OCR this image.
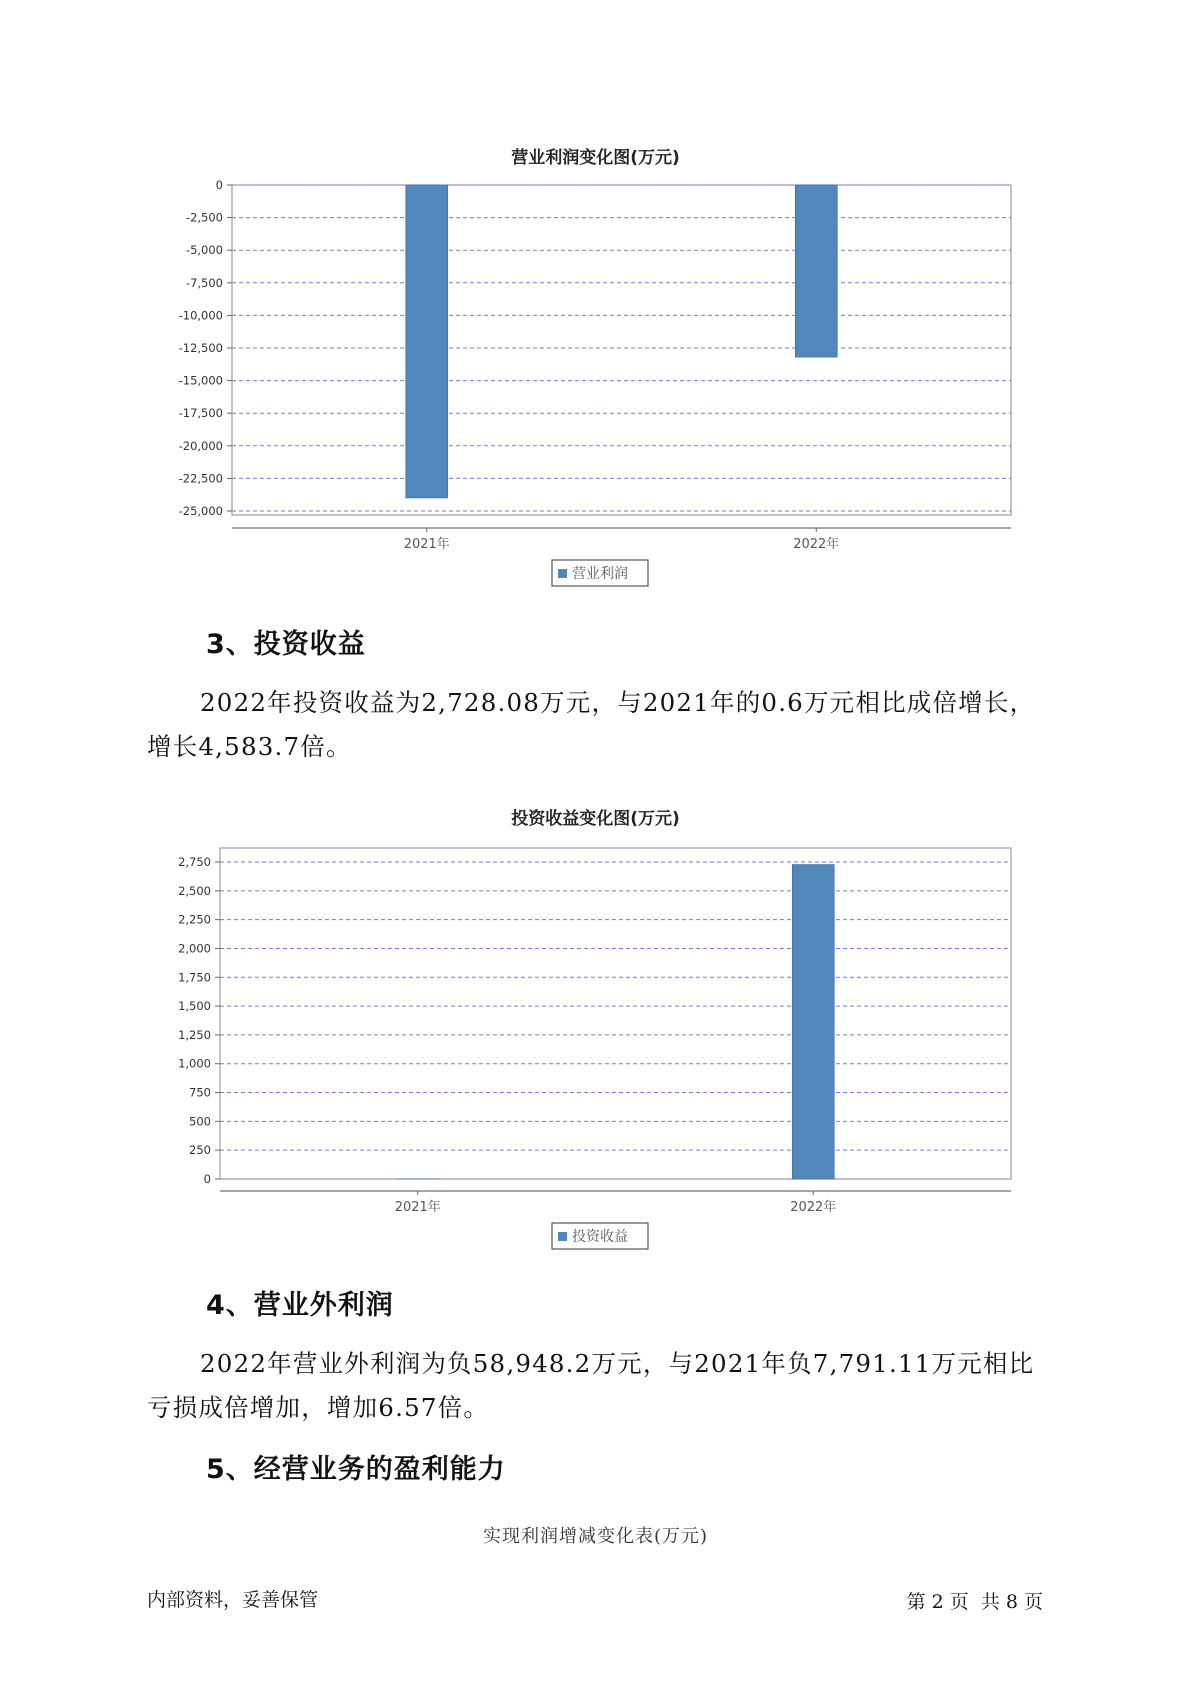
营业利润变化图(万元)
0
-2,500
-5,000
-7,500
-10,000
-12,500
-15,000
-17,500
-20,000
-22,500
-25,000
2021年	2022年
营业利润
3、投资收益
2022年投资收益为2,728.08万元，与2021年的0.6万元相比成倍增长，
增长4,583.7倍。
投资收益变化图(万元)
0
250
500
750
1,000
1,250
1,500
1,750
2,000
2,250
2,500
2,750
2021年	2022年
投资收益
4、营业外利润
2022年营业外利润为负58,948.2万元，与2021年负7,791.11万元相比
亏损成倍增加，增加6.57倍。
5、经营业务的盈利能力
实现利润增减变化表(万元)
内部资料，妥善保管	第 2 页  共 8 页
